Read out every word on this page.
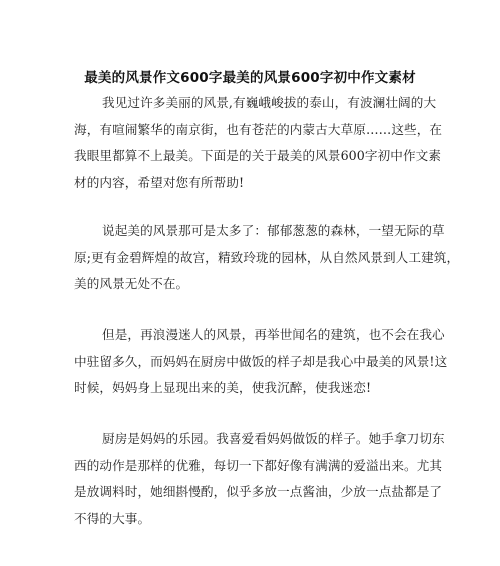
最美的风景作文600字最美的风景600字初中作文素材
我见过许多美丽的风景,有巍峨峻拔的泰山，有波澜壮阔的大
海，有喧闹繁华的南京街，也有苍茫的内蒙古大草原……这些，在
我眼里都算不上最美。下面是的关于最美的风景600字初中作文素
材的内容，希望对您有所帮助!
说起美的风景那可是太多了：郁郁葱葱的森林，一望无际的草
原;更有金碧辉煌的故宫，精致玲珑的园林，从自然风景到人工建筑，
美的风景无处不在。
但是，再浪漫迷人的风景，再举世闻名的建筑，也不会在我心
中驻留多久，而妈妈在厨房中做饭的样子却是我心中最美的风景!这
时候，妈妈身上显现出来的美，使我沉醉，使我迷恋!
厨房是妈妈的乐园。我喜爱看妈妈做饭的样子。她手拿刀切东
西的动作是那样的优雅，每切一下都好像有满满的爱溢出来。尤其
是放调料时，她细斟慢酌，似乎多放一点酱油，少放一点盐都是了
不得的大事。
